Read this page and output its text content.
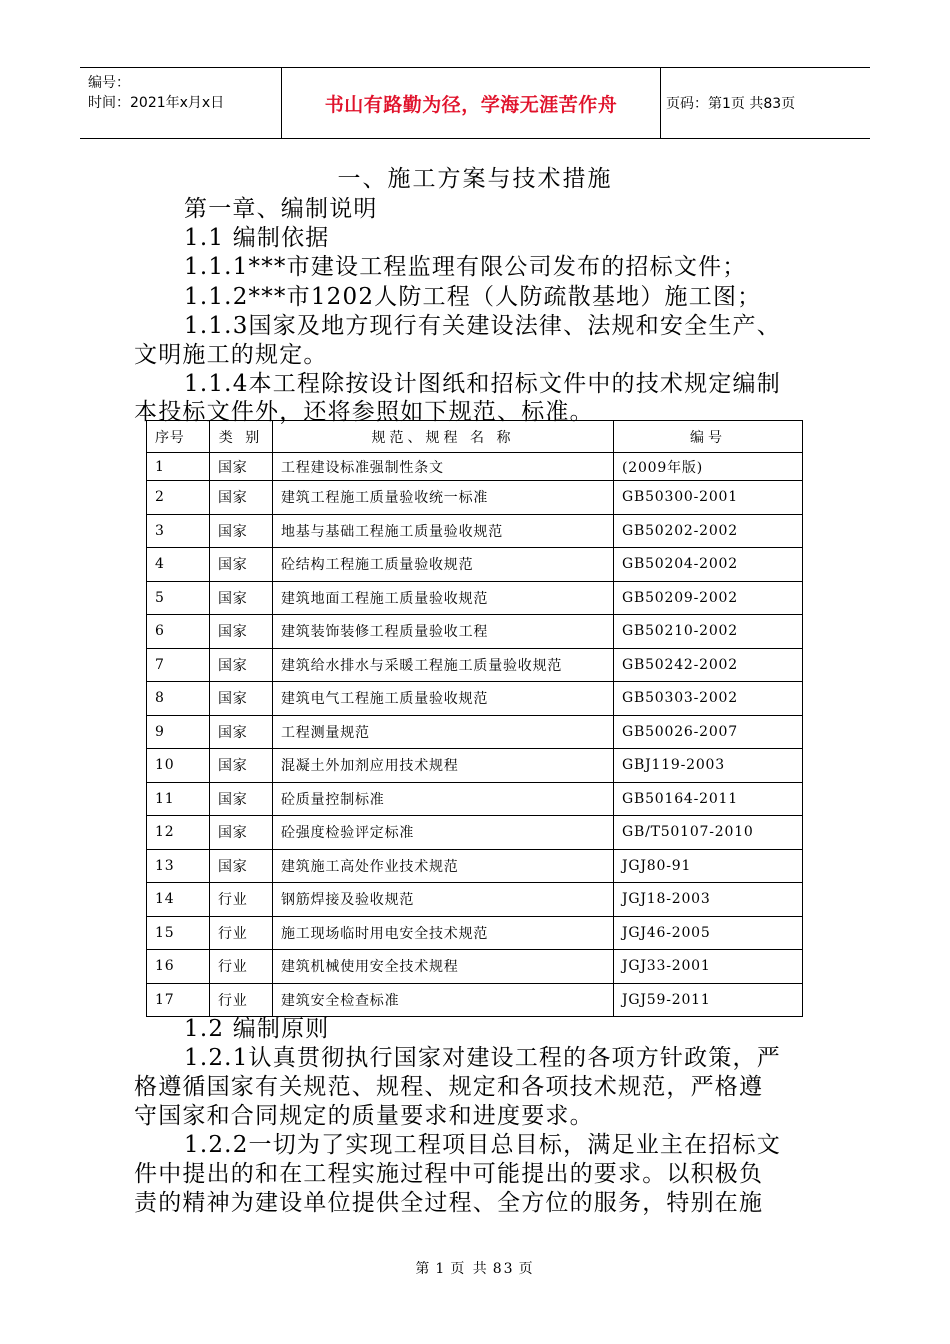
编号：
时间：2021年x月x日	书山有路勤为径，学海无涯苦作舟	页码：第1页 共83页
一、施工方案与技术措施
第一章、编制说明
1.1 编制依据
1.1.1***市建设工程监理有限公司发布的招标文件；
1.1.2***市1202人防工程（人防疏散基地）施工图；
1.1.3国家及地方现行有关建设法律、法规和安全生产、
文明施工的规定。
1.1.4本工程除按设计图纸和招标文件中的技术规定编制
本投标文件外，还将参照如下规范、标准。
序号	类 别	规范、规程 名 称	编号
1	国家	工程建设标准强制性条文	(2009年版)
2	国家	建筑工程施工质量验收统一标准	GB50300-2001
3	国家	地基与基础工程施工质量验收规范	GB50202-2002
4	国家	砼结构工程施工质量验收规范	GB50204-2002
5	国家	建筑地面工程施工质量验收规范	GB50209-2002
6	国家	建筑装饰装修工程质量验收工程	GB50210-2002
7	国家	建筑给水排水与采暖工程施工质量验收规范	GB50242-2002
8	国家	建筑电气工程施工质量验收规范	GB50303-2002
9	国家	工程测量规范	GB50026-2007
10	国家	混凝土外加剂应用技术规程	GBJ119-2003
11	国家	砼质量控制标准	GB50164-2011
12	国家	砼强度检验评定标准	GB/T50107-2010
13	国家	建筑施工高处作业技术规范	JGJ80-91
14	行业	钢筋焊接及验收规范	JGJ18-2003
15	行业	施工现场临时用电安全技术规范	JGJ46-2005
16	行业	建筑机械使用安全技术规程	JGJ33-2001
17	行业	建筑安全检查标准	JGJ59-2011
1.2 编制原则
1.2.1认真贯彻执行国家对建设工程的各项方针政策，严
格遵循国家有关规范、规程、规定和各项技术规范，严格遵
守国家和合同规定的质量要求和进度要求。
1.2.2一切为了实现工程项目总目标，满足业主在招标文
件中提出的和在工程实施过程中可能提出的要求。以积极负
责的精神为建设单位提供全过程、全方位的服务，特别在施
第 1 页 共 83 页
